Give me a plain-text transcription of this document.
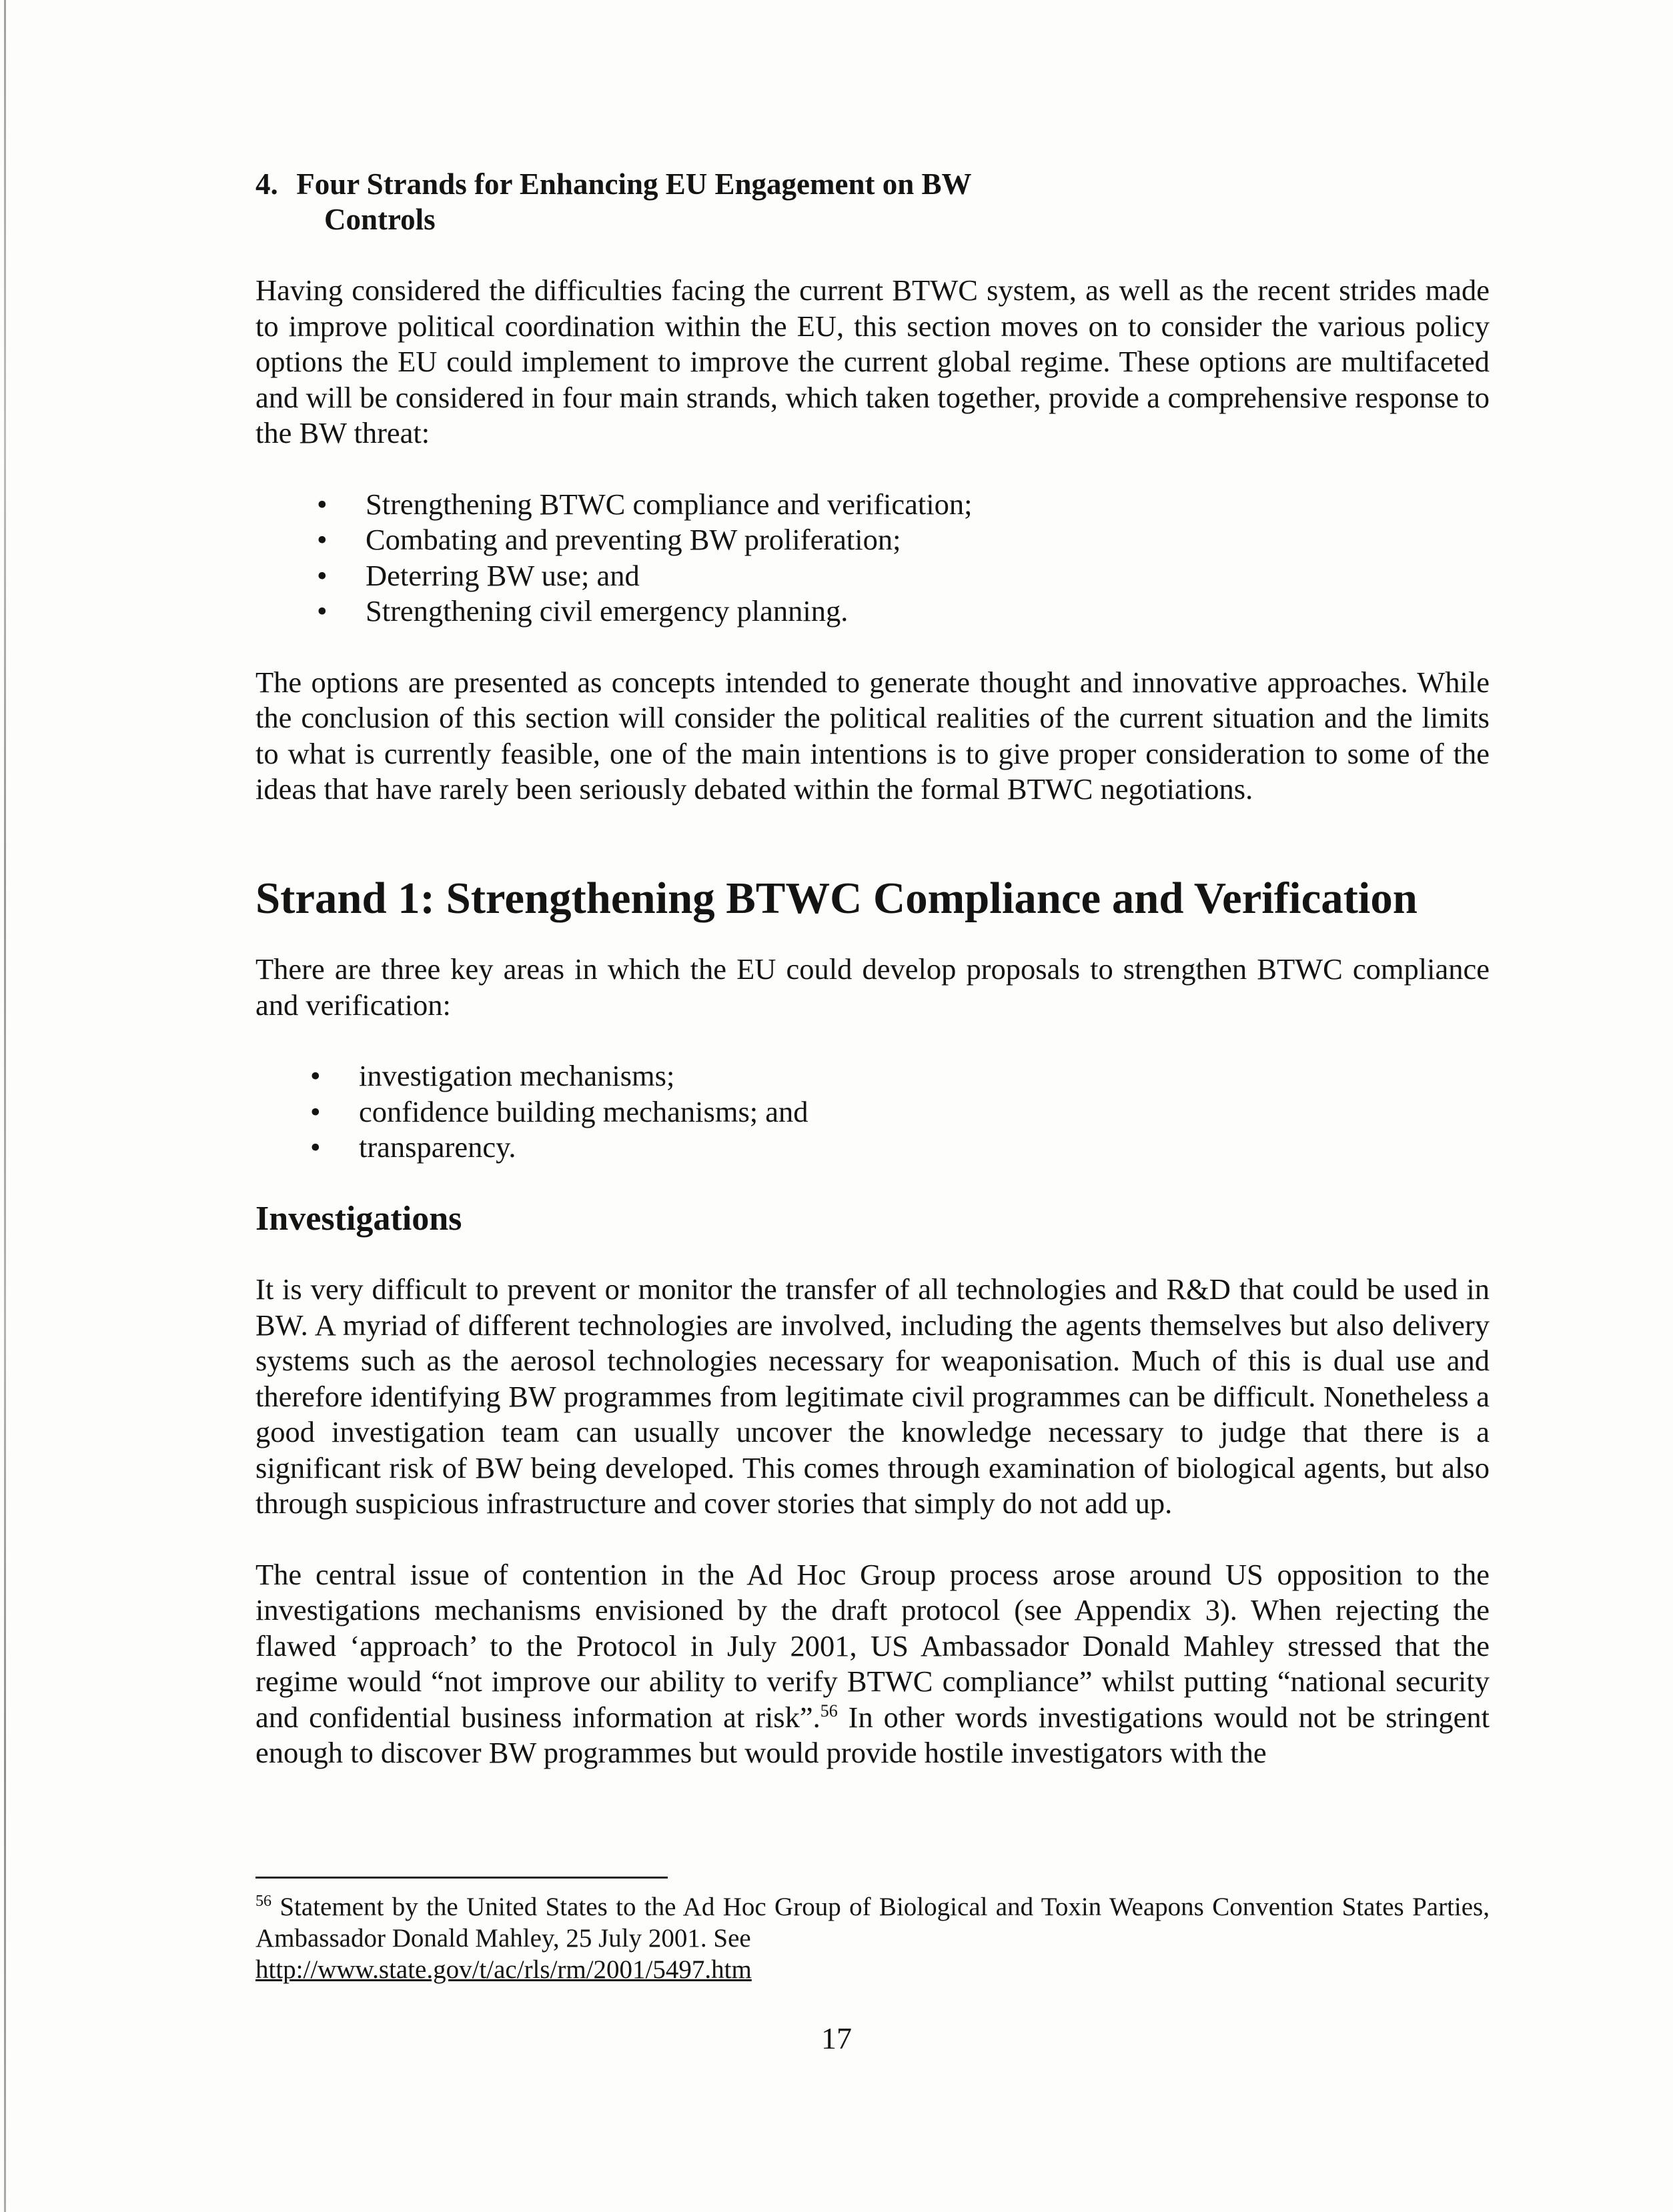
4. Four Strands for Enhancing EU Engagement on BW
Controls

Having considered the difficulties facing the current BTWC system, as well as the recent strides made to improve political coordination within the EU, this section moves on to consider the various policy options the EU could implement to improve the current global regime. These options are multifaceted and will be considered in four main strands, which taken together, provide a comprehensive response to the BW threat:

• Strengthening BTWC compliance and verification;
• Combating and preventing BW proliferation;
• Deterring BW use; and
• Strengthening civil emergency planning.

The options are presented as concepts intended to generate thought and innovative approaches. While the conclusion of this section will consider the political realities of the current situation and the limits to what is currently feasible, one of the main intentions is to give proper consideration to some of the ideas that have rarely been seriously debated within the formal BTWC negotiations.

Strand 1: Strengthening BTWC Compliance and Verification

There are three key areas in which the EU could develop proposals to strengthen BTWC compliance and verification:

• investigation mechanisms;
• confidence building mechanisms; and
• transparency.
Investigations

It is very difficult to prevent or monitor the transfer of all technologies and R&D that could be used in BW. A myriad of different technologies are involved, including the agents themselves but also delivery systems such as the aerosol technologies necessary for weaponisation. Much of this is dual use and therefore identifying BW programmes from legitimate civil programmes can be difficult. Nonetheless a good investigation team can usually uncover the knowledge necessary to judge that there is a significant risk of BW being developed. This comes through examination of biological agents, but also through suspicious infrastructure and cover stories that simply do not add up.

The central issue of contention in the Ad Hoc Group process arose around US opposition to the investigations mechanisms envisioned by the draft protocol (see Appendix 3). When rejecting the flawed ‘approach’ to the Protocol in July 2001, US Ambassador Donald Mahley stressed that the regime would “not improve our ability to verify BTWC compliance” whilst putting “national security and confidential business information at risk”.$^{56}$ In other words investigations would not be stringent enough to discover BW programmes but would provide hostile investigators with the

$^{56}$ Statement by the United States to the Ad Hoc Group of Biological and Toxin Weapons Convention States Parties, Ambassador Donald Mahley, 25 July 2001. See
http://www.state.gov/t/ac/rls/rm/2001/5497.htm
17
